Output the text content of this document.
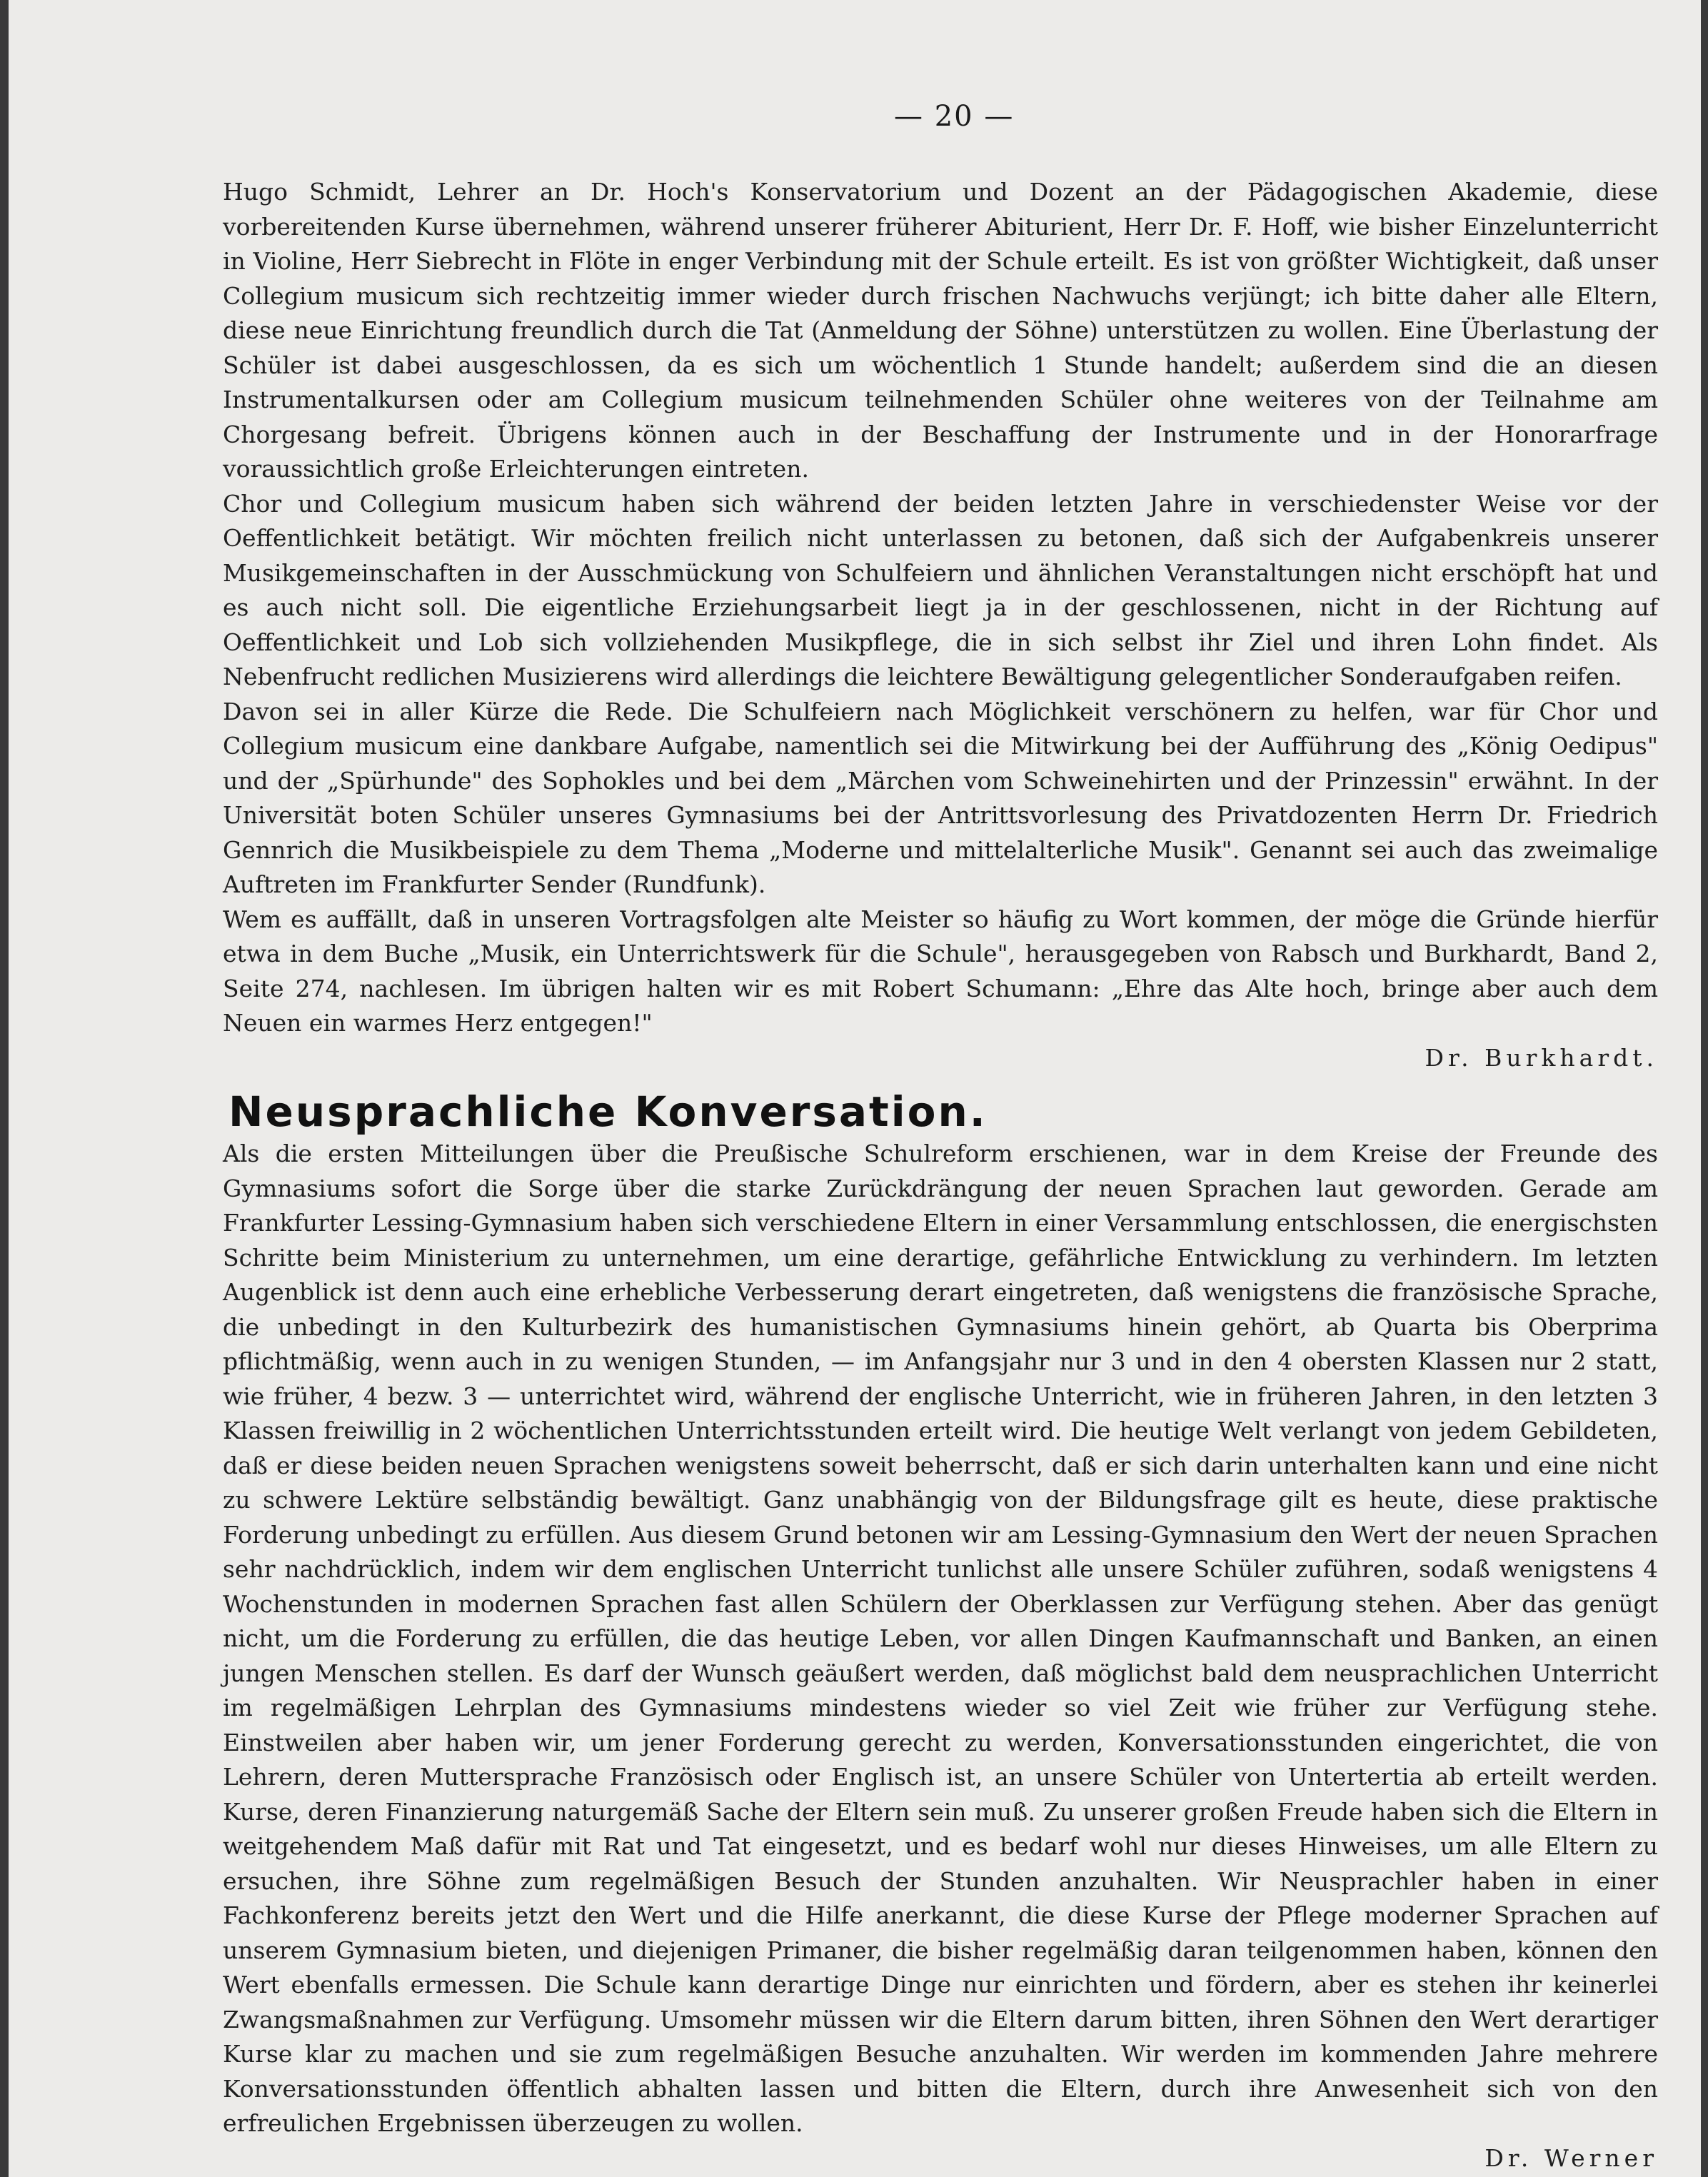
— 20 —

Hugo Schmidt, Lehrer an Dr. Hoch's Konservatorium und Dozent an der Pädagogischen Akademie, diese vorbereitenden Kurse übernehmen, während unserer früherer Abiturient, Herr Dr. F. Hoff, wie bisher Einzelunterricht in Violine, Herr Siebrecht in Flöte in enger Verbindung mit der Schule erteilt. Es ist von größter Wichtigkeit, daß unser Collegium musicum sich rechtzeitig immer wieder durch frischen Nachwuchs verjüngt; ich bitte daher alle Eltern, diese neue Einrichtung freundlich durch die Tat (Anmeldung der Söhne) unterstützen zu wollen. Eine Überlastung der Schüler ist dabei ausgeschlossen, da es sich um wöchentlich 1 Stunde handelt; außerdem sind die an diesen Instrumentalkursen oder am Collegium musicum teilnehmenden Schüler ohne weiteres von der Teilnahme am Chorgesang befreit. Übrigens können auch in der Beschaffung der Instrumente und in der Honorarfrage voraussichtlich große Erleichterungen eintreten.

Chor und Collegium musicum haben sich während der beiden letzten Jahre in verschiedenster Weise vor der Oeffentlichkeit betätigt. Wir möchten freilich nicht unterlassen zu betonen, daß sich der Aufgabenkreis unserer Musikgemeinschaften in der Ausschmückung von Schulfeiern und ähnlichen Veranstaltungen nicht erschöpft hat und es auch nicht soll. Die eigentliche Erziehungsarbeit liegt ja in der geschlossenen, nicht in der Richtung auf Oeffentlichkeit und Lob sich vollziehenden Musikpflege, die in sich selbst ihr Ziel und ihren Lohn findet. Als Nebenfrucht redlichen Musizierens wird allerdings die leichtere Bewältigung gelegentlicher Sonderaufgaben reifen.

Davon sei in aller Kürze die Rede. Die Schulfeiern nach Möglichkeit verschönern zu helfen, war für Chor und Collegium musicum eine dankbare Aufgabe, namentlich sei die Mitwirkung bei der Aufführung des „König Oedipus" und der „Spürhunde" des Sophokles und bei dem „Märchen vom Schweinehirten und der Prinzessin" erwähnt. In der Universität boten Schüler unseres Gymnasiums bei der Antrittsvorlesung des Privatdozenten Herrn Dr. Friedrich Gennrich die Musikbeispiele zu dem Thema „Moderne und mittelalterliche Musik". Genannt sei auch das zweimalige Auftreten im Frankfurter Sender (Rundfunk).

Wem es auffällt, daß in unseren Vortragsfolgen alte Meister so häufig zu Wort kommen, der möge die Gründe hierfür etwa in dem Buche „Musik, ein Unterrichtswerk für die Schule", herausgegeben von Rabsch und Burkhardt, Band 2, Seite 274, nachlesen. Im übrigen halten wir es mit Robert Schumann: „Ehre das Alte hoch, bringe aber auch dem Neuen ein warmes Herz entgegen!"

Dr. Burkhardt.

Neusprachliche Konversation.

Als die ersten Mitteilungen über die Preußische Schulreform erschienen, war in dem Kreise der Freunde des Gymnasiums sofort die Sorge über die starke Zurückdrängung der neuen Sprachen laut geworden. Gerade am Frankfurter Lessing-Gymnasium haben sich verschiedene Eltern in einer Versammlung entschlossen, die energischsten Schritte beim Ministerium zu unternehmen, um eine derartige, gefährliche Entwicklung zu verhindern. Im letzten Augenblick ist denn auch eine erhebliche Verbesserung derart eingetreten, daß wenigstens die französische Sprache, die unbedingt in den Kulturbezirk des humanistischen Gymnasiums hinein gehört, ab Quarta bis Oberprima pflichtmäßig, wenn auch in zu wenigen Stunden, — im Anfangsjahr nur 3 und in den 4 obersten Klassen nur 2 statt, wie früher, 4 bezw. 3 — unterrichtet wird, während der englische Unterricht, wie in früheren Jahren, in den letzten 3 Klassen freiwillig in 2 wöchentlichen Unterrichtsstunden erteilt wird. Die heutige Welt verlangt von jedem Gebildeten, daß er diese beiden neuen Sprachen wenigstens soweit beherrscht, daß er sich darin unterhalten kann und eine nicht zu schwere Lektüre selbständig bewältigt. Ganz unabhängig von der Bildungsfrage gilt es heute, diese praktische Forderung unbedingt zu erfüllen. Aus diesem Grund betonen wir am Lessing-Gymnasium den Wert der neuen Sprachen sehr nachdrücklich, indem wir dem englischen Unterricht tunlichst alle unsere Schüler zuführen, sodaß wenigstens 4 Wochenstunden in modernen Sprachen fast allen Schülern der Oberklassen zur Verfügung stehen. Aber das genügt nicht, um die Forderung zu erfüllen, die das heutige Leben, vor allen Dingen Kaufmannschaft und Banken, an einen jungen Menschen stellen. Es darf der Wunsch geäußert werden, daß möglichst bald dem neusprachlichen Unterricht im regelmäßigen Lehrplan des Gymnasiums mindestens wieder so viel Zeit wie früher zur Verfügung stehe. Einstweilen aber haben wir, um jener Forderung gerecht zu werden, Konversationsstunden eingerichtet, die von Lehrern, deren Muttersprache Französisch oder Englisch ist, an unsere Schüler von Untertertia ab erteilt werden. Kurse, deren Finanzierung naturgemäß Sache der Eltern sein muß. Zu unserer großen Freude haben sich die Eltern in weitgehendem Maß dafür mit Rat und Tat eingesetzt, und es bedarf wohl nur dieses Hinweises, um alle Eltern zu ersuchen, ihre Söhne zum regelmäßigen Besuch der Stunden anzuhalten. Wir Neusprachler haben in einer Fachkonferenz bereits jetzt den Wert und die Hilfe anerkannt, die diese Kurse der Pflege moderner Sprachen auf unserem Gymnasium bieten, und diejenigen Primaner, die bisher regelmäßig daran teilgenommen haben, können den Wert ebenfalls ermessen. Die Schule kann derartige Dinge nur einrichten und fördern, aber es stehen ihr keinerlei Zwangsmaßnahmen zur Verfügung. Umsomehr müssen wir die Eltern darum bitten, ihren Söhnen den Wert derartiger Kurse klar zu machen und sie zum regelmäßigen Besuche anzuhalten. Wir werden im kommenden Jahre mehrere Konversationsstunden öffentlich abhalten lassen und bitten die Eltern, durch ihre Anwesenheit sich von den erfreulichen Ergebnissen überzeugen zu wollen.

Dr. Werner
